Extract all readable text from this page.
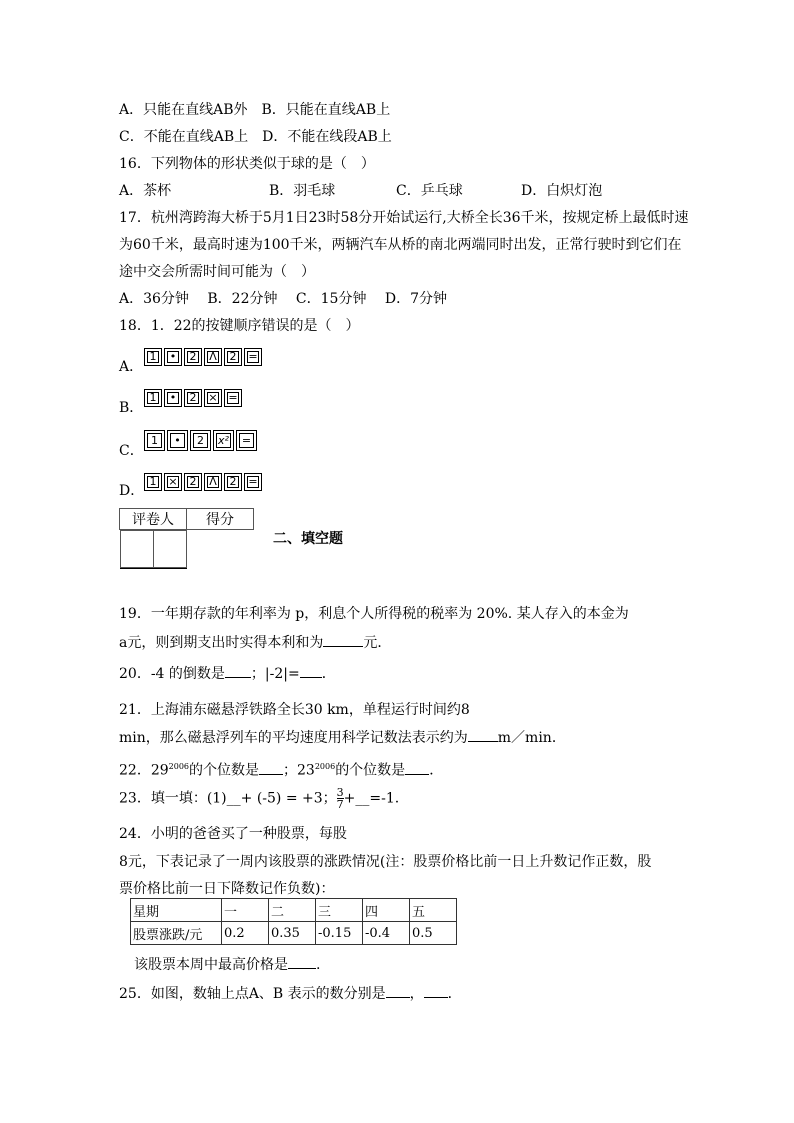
A．只能在直线AB外　B．只能在直线AB上
C．不能在直线AB上　D．不能在线段AB上
16．下列物体的形状类似于球的是（　）
A．茶杯	B．羽毛球	C．乒乓球	D．白炽灯泡
17．杭州湾跨海大桥于5月1日23时58分开始试运行,大桥全长36千米，按规定桥上最低时速
为60千米，最高时速为100千米，两辆汽车从桥的南北两端同时出发，正常行驶时到它们在
途中交会所需时间可能为（　）
A．36分钟　 B．22分钟　 C．15分钟　 D．7分钟
18．1．22的按键顺序错误的是（　）
A．
1 • 2 Λ 2 =
B．
1 • 2 × =
C．
1 • 2 x² =
D．
1 × 2 Λ 2 =
评卷人	得分

二、填空题
19．一年期存款的年利率为 p，利息个人所得税的税率为 20%. 某人存入的本金为
a元，则到期支出时实得本利和为	元．
20．-4 的倒数是 ；|-2|= ．
21．上海浦东磁悬浮铁路全长30 km，单程运行时间约8
min，那么磁悬浮列车的平均速度用科学记数法表示约为 m／min．
22．$29^{2006}$的个位数是 ；$23^{2006}$的个位数是 ．
23．填一填：(1)__+ (-5) = +3； $\frac{3}{7}$ +__=-1.
24．小明的爸爸买了一种股票，每股
8元，下表记录了一周内该股票的涨跌情况(注：股票价格比前一日上升数记作正数，股
票价格比前一日下降数记作负数)：
星期	一	二	三	四	五
股票涨跌/元	0.2	0.35	-0.15	-0.4	0.5
该股票本周中最高价格是 .
25．如图，数轴上点A、B 表示的数分别是 ， ．
